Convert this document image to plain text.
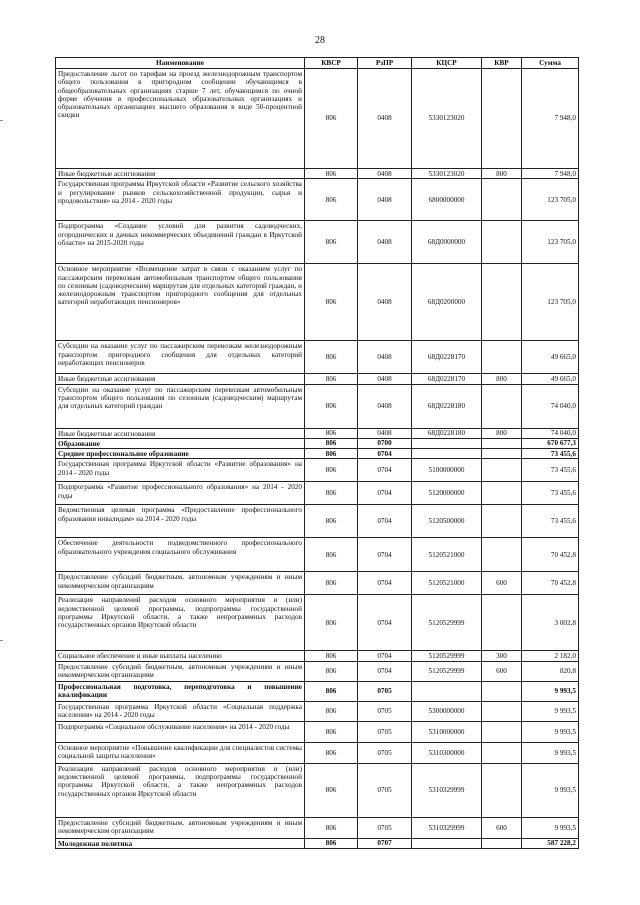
28
Наименование	КВСР	РзПР	КЦСР	КВР	Сумма
Предоставление льгот по тарифам на проезд железнодорожным транспортом общего пользования в пригородном сообщении обучающимся в общеобразовательных организациях старше 7 лет, обучающимся по очной форме обучения в профессиональных образовательных организациях и образовательных организациях высшего образования в виде 50-процентной скидки	806	0408	5330123020		7 948,0
Иные бюджетные ассигнования	806	0408	5330123020	800	7 948,0
Государственная программа Иркутской области «Развитие сельского хозяйства и регулирование рынков сельскохозяйственной продукции, сырья и продовольствия» на 2014 - 2020 годы	806	0408	6800000000		123 705,0
Подпрограмма «Создание условий для развития садоводческих, огороднических и дачных некоммерческих объединений граждан в Иркутской области» на 2015-2020 годы	806	0408	68Д0000000		123 705,0
Основное мероприятие «Возмещение затрат в связи с оказанием услуг по пассажирским перевозкам автомобильным транспортом общего пользования по сезонным (садоводческим) маршрутам для отдельных категорий граждан, и железнодорожным транспортом пригородного сообщения для отдельных категорий неработающих пенсионеров»	806	0408	68Д0200000		123 705,0
Субсидии на оказание услуг по пассажирским перевозкам железнодорожным транспортом пригородного сообщения для отдельных категорий неработающих пенсионеров	806	0408	68Д0228170		49 665,0
Иные бюджетные ассигнования	806	0408	68Д0228170	800	49 665,0
Субсидии на оказание услуг по пассажирским перевозкам автомобильным транспортом общего пользования по сезонным (садоводческим) маршрутам для отдельных категорий граждан	806	0408	68Д0228180		74 040,0
Иные бюджетные ассигнования	806	0408	68Д0228180	800	74 040,0
Образование	806	0700			670 677,3
Среднее профессиональное образование	806	0704			73 455,6
Государственная программа Иркутской области «Развитие образования» на 2014 - 2020 годы	806	0704	5100000000		73 455,6
Подпрограмма «Развитие профессионального образования» на 2014 - 2020 годы	806	0704	5120000000		73 455,6
Ведомственная целевая программа «Предоставление профессионального образования инвалидам» на 2014 - 2020 годы	806	0704	5120500000		73 455,6
Обеспечение деятельности подведомственного профессионального образовательного учреждения социального обслуживания	806	0704	5120521000		70 452,8
Предоставление субсидий бюджетным, автономным учреждениям и иным некоммерческим организациям	806	0704	5120521000	600	70 452,8
Реализация направлений расходов основного мероприятия и (или) ведомственной целевой программы, подпрограммы государственной программы Иркутской области, а также непрограммных расходов государственных органов Иркутской области	806	0704	5120529999		3 002,8
Социальное обеспечение и иные выплаты населению	806	0704	5120529999	300	2 182,0
Предоставление субсидий бюджетным, автономным учреждениям и иным некоммерческим организациям	806	0704	5120529999	600	820,8
Профессиональная подготовка, переподготовка и повышение квалификации	806	0705			9 993,5
Государственная программа Иркутской области «Социальная поддержка населения» на 2014 - 2020 годы	806	0705	5300000000		9 993,5
Подпрограмма «Социальное обслуживание населения» на 2014 - 2020 годы	806	0705	5310000000		9 993,5
Основное мероприятие «Повышение квалификации для специалистов системы социальной защиты населения»	806	0705	5310300000		9 993,5
Реализация направлений расходов основного мероприятия и (или) ведомственной целевой программы, подпрограммы государственной программы Иркутской области, а также непрограммных расходов государственных органов Иркутской области	806	0705	5310329999		9 993,5
Предоставление субсидий бюджетным, автономным учреждениям и иным некоммерческим организациям	806	0705	5310329999	600	9 993,5
Молодежная политика	806	0707			587 228,2
